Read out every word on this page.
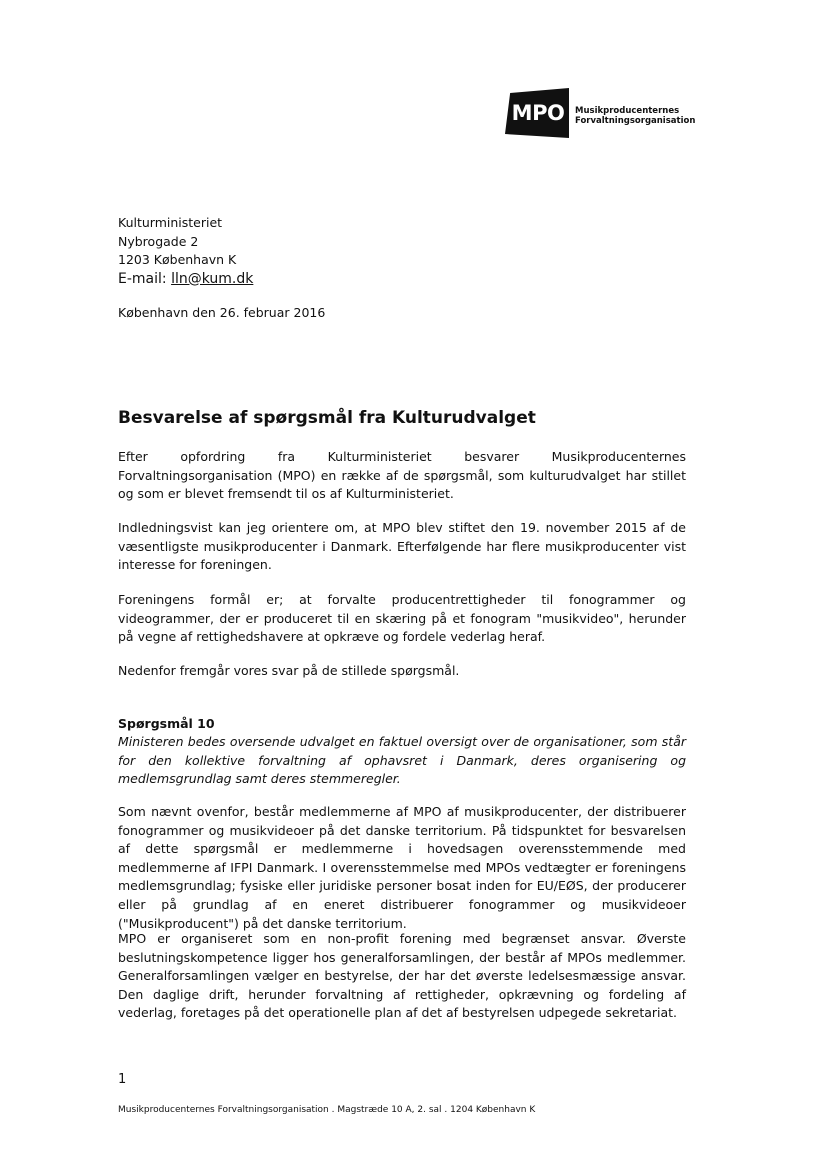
MPO	Musikproducenternes
Forvaltningsorganisation
Kulturministeriet
Nybrogade 2
1203 København K
E-mail: lln@kum.dk
København den 26. februar 2016
Besvarelse af spørgsmål fra Kulturudvalget
Efter opfordring fra Kulturministeriet besvarer Musikproducenternes Forvaltningsorganisation (MPO) en række af de spørgsmål, som kulturudvalget har stillet og som er blevet fremsendt til os af Kulturministeriet.
Indledningsvist kan jeg orientere om, at MPO blev stiftet den 19. november 2015 af de væsentligste musikproducenter i Danmark. Efterfølgende har flere musikproducenter vist interesse for foreningen.
Foreningens formål er; at forvalte producentrettigheder til fonogrammer og videogrammer, der er produceret til en skæring på et fonogram "musikvideo", herunder på vegne af rettighedshavere at opkræve og fordele vederlag heraf.
Nedenfor fremgår vores svar på de stillede spørgsmål.
Spørgsmål 10
Ministeren bedes oversende udvalget en faktuel oversigt over de organisationer, som står for den kollektive forvaltning af ophavsret i Danmark, deres organisering og medlemsgrundlag samt deres stemmeregler.
Som nævnt ovenfor, består medlemmerne af MPO af musikproducenter, der distribuerer fonogrammer og musikvideoer på det danske territorium. På tidspunktet for besvarelsen af dette spørgsmål er medlemmerne i hovedsagen overensstemmende med medlemmerne af IFPI Danmark. I overensstemmelse med MPOs vedtægter er foreningens medlemsgrundlag; fysiske eller juridiske personer bosat inden for EU/EØS, der producerer eller på grundlag af en eneret distribuerer fonogrammer og musikvideoer ("Musikproducent") på det danske territorium.
MPO er organiseret som en non-profit forening med begrænset ansvar. Øverste beslutningskompetence ligger hos generalforsamlingen, der består af MPOs medlemmer. Generalforsamlingen vælger en bestyrelse, der har det øverste ledelsesmæssige ansvar. Den daglige drift, herunder forvaltning af rettigheder, opkrævning og fordeling af vederlag, foretages på det operationelle plan af det af bestyrelsen udpegede sekretariat.
1
Musikproducenternes Forvaltningsorganisation . Magstræde 10 A, 2. sal . 1204 København K
